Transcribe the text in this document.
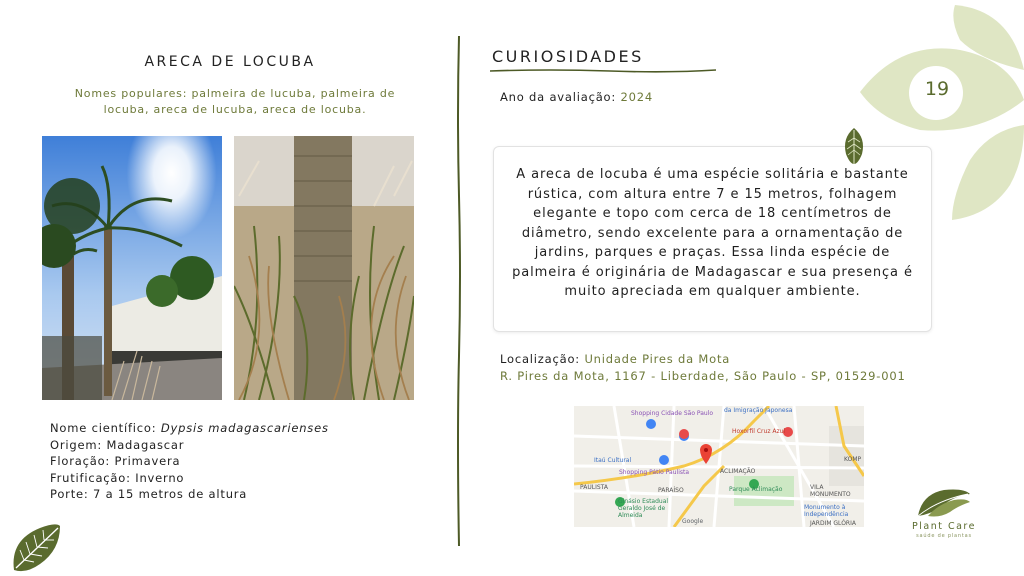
ARECA DE LOCUBA
Nomes populares: palmeira de lucuba, palmeira de locuba, areca de lucuba, areca de locuba.
Nome científico: Dypsis madagascarienses
Origem: Madagascar
Floração: Primavera
Frutificação: Inverno
Porte: 7 a 15 metros de altura
CURIOSIDADES
Ano da avaliação: 2024

A areca de locuba é uma espécie solitária e bastante rústica, com altura entre 7 e 15 metros, folhagem elegante e topo com cerca de 18 centímetros de diâmetro, sendo excelente para a ornamentação de jardins, parques e praças. Essa linda espécie de palmeira é originária de Madagascar e sua presença é muito apreciada em qualquer ambiente.

Localização: Unidade Pires da Mota
R. Pires da Mota, 1167 - Liberdade, São Paulo - SP, 01529-001
Shopping Cidade São Paulo da Imigração Japonesa
Hoxorfil Cruz Azul
Itaú Cultural
Shopping Pátio Paulista	ACLIMAÇÃO
PAULISTA	PARAÍSO	Parque Aclimação
Ginásio Estadual Geraldo José de Almeida
VILA MONUMENTO
Monumento à Independência
KOMP
JARDIM GLÓRIA
Google
19
Plant Care
saúde de plantas
